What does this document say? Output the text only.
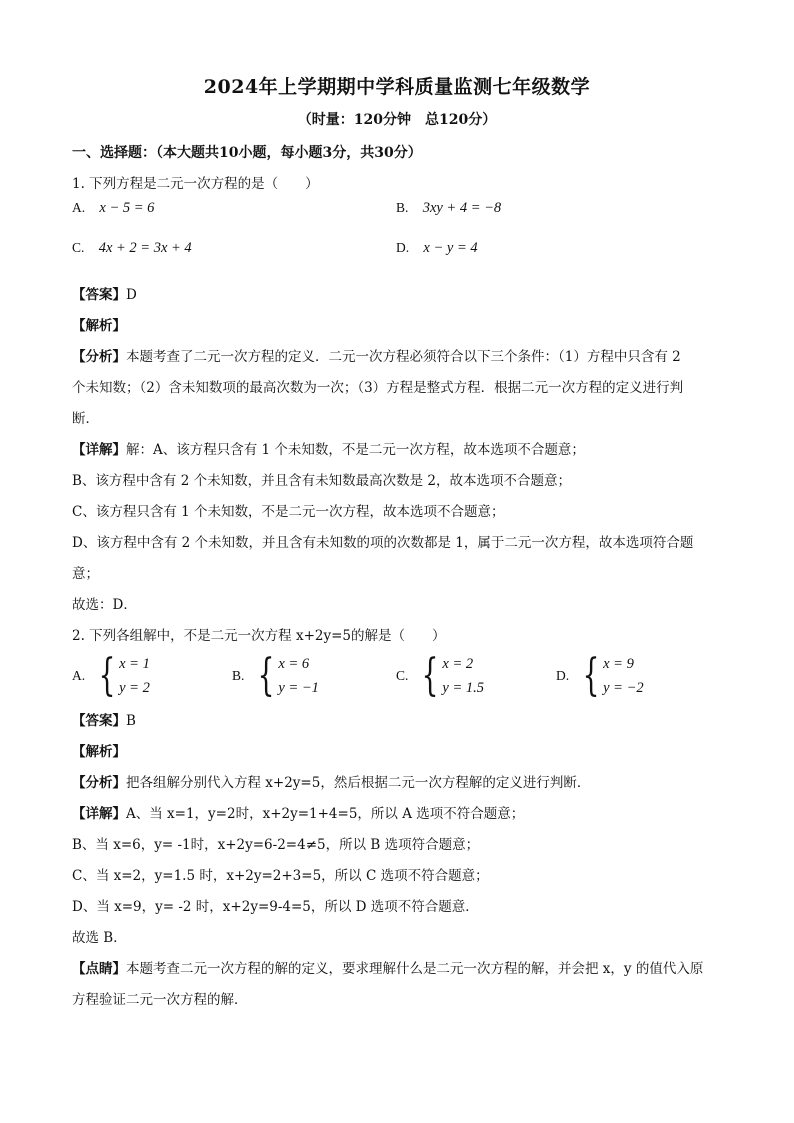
2024年上学期期中学科质量监测七年级数学
（时量：120分钟　总120分）
一、选择题：（本大题共10小题，每小题3分，共30分）
1. 下列方程是二元一次方程的是（　　）
A. x − 5 = 6	B. 3xy + 4 = −8
C. 4x + 2 = 3x + 4	D. x − y = 4
【答案】D
【解析】
【分析】本题考查了二元一次方程的定义．二元一次方程必须符合以下三个条件：（1）方程中只含有 2
个未知数；（2）含未知数项的最高次数为一次；（3）方程是整式方程．根据二元一次方程的定义进行判
断．
【详解】解：A、该方程只含有 1 个未知数，不是二元一次方程，故本选项不合题意；
B、该方程中含有 2 个未知数，并且含有未知数最高次数是 2，故本选项不合题意；
C、该方程只含有 1 个未知数，不是二元一次方程，故本选项不合题意；
D、该方程中含有 2 个未知数，并且含有未知数的项的次数都是 1，属于二元一次方程，故本选项符合题
意；
故选：D．
2. 下列各组解中，不是二元一次方程 x+2y=5的解是（　　）
A. { x = 1
y = 2
B. { x = 6
y = −1
C. { x = 2
y = 1.5
D. { x = 9
y = −2
【答案】B
【解析】
【分析】把各组解分别代入方程 x+2y=5，然后根据二元一次方程解的定义进行判断．
【详解】A、当 x=1，y=2时，x+2y=1+4=5，所以 A 选项不符合题意；
B、当 x=6，y= -1时，x+2y=6-2=4≠5，所以 B 选项符合题意；
C、当 x=2，y=1.5 时，x+2y=2+3=5，所以 C 选项不符合题意；
D、当 x=9，y= -2 时，x+2y=9-4=5，所以 D 选项不符合题意．
故选 B．
【点睛】本题考查二元一次方程的解的定义，要求理解什么是二元一次方程的解，并会把 x，y 的值代入原
方程验证二元一次方程的解．
